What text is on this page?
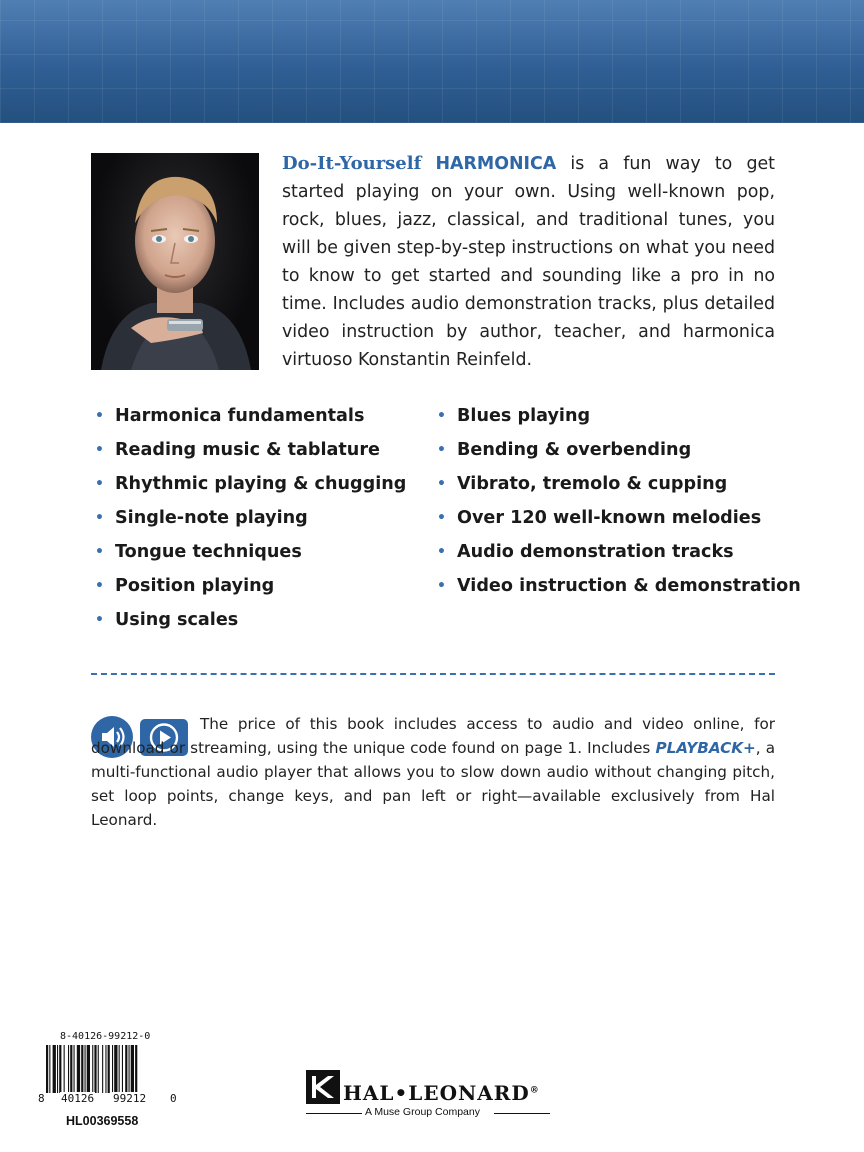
Do-It-Yourself HARMONICA is a fun way to get started playing on your own. Using well-known pop, rock, blues, jazz, classical, and traditional tunes, you will be given step-by-step instructions on what you need to know to get started and sounding like a pro in no time. Includes audio demonstration tracks, plus detailed video instruction by author, teacher, and harmonica virtuoso Konstantin Reinfeld.

• Harmonica fundamentals
• Reading music & tablature
• Rhythmic playing & chugging
• Single-note playing
• Tongue techniques
• Position playing
• Using scales
• Blues playing
• Bending & overbending
• Vibrato, tremolo & cupping
• Over 120 well-known melodies
• Audio demonstration tracks
• Video instruction & demonstration

The price of this book includes access to audio and video online, for download or streaming, using the unique code found on page 1. Includes PLAYBACK+, a multi-functional audio player that allows you to slow down audio without changing pitch, set loop points, change keys, and pan left or right—available exclusively from Hal Leonard.

8-40126-99212-0
8 40126 99212 0
HL00369558
HAL•LEONARD®
A Muse Group Company
